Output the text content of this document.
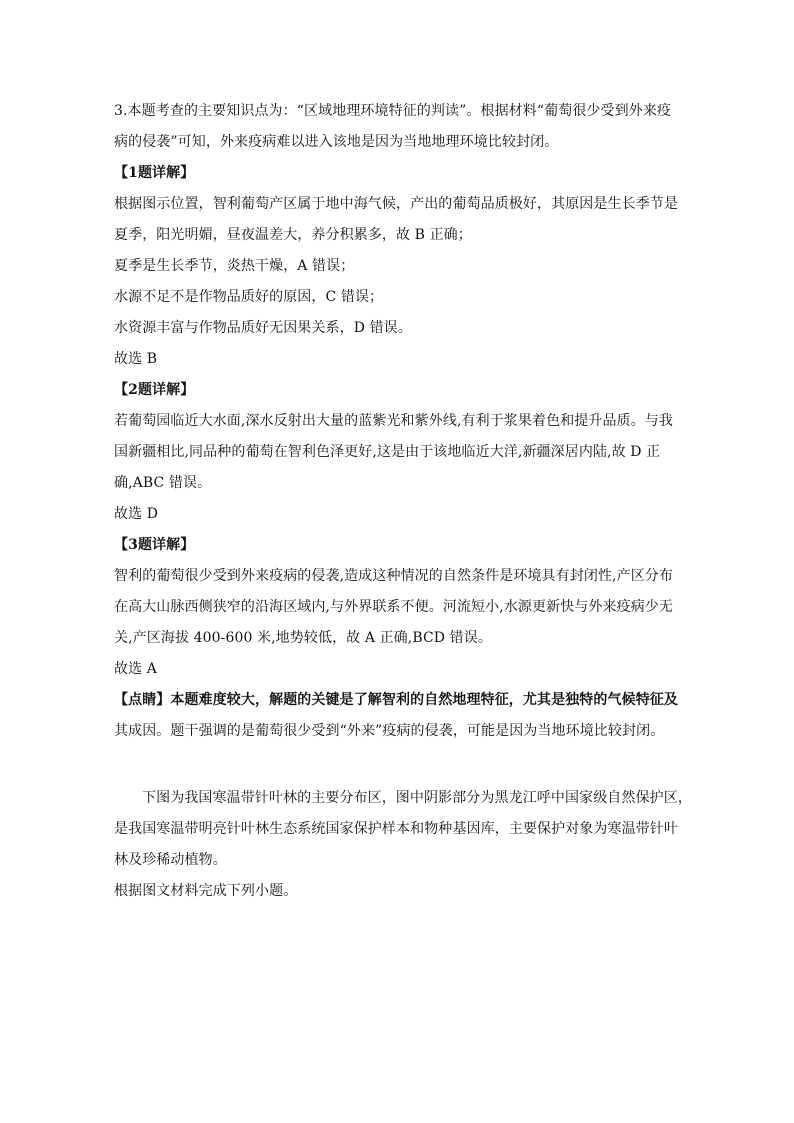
3.本题考查的主要知识点为：“区域地理环境特征的判读”。根据材料“葡萄很少受到外来疫
病的侵袭”可知，外来疫病难以进入该地是因为当地地理环境比较封闭。
【1题详解】
根据图示位置，智利葡萄产区属于地中海气候，产出的葡萄品质极好，其原因是生长季节是
夏季，阳光明媚，昼夜温差大，养分积累多，故 B 正确；
夏季是生长季节，炎热干燥，A 错误；
水源不足不是作物品质好的原因，C 错误；
水资源丰富与作物品质好无因果关系，D 错误。
故选 B
【2题详解】
若葡萄园临近大水面,深水反射出大量的蓝紫光和紫外线,有利于浆果着色和提升品质。与我
国新疆相比,同品种的葡萄在智利色泽更好,这是由于该地临近大洋,新疆深居内陆,故 D 正
确,ABC 错误。
故选 D
【3题详解】
智利的葡萄很少受到外来疫病的侵袭,造成这种情况的自然条件是环境具有封闭性,产区分布
在高大山脉西侧狭窄的沿海区域内,与外界联系不便。河流短小,水源更新快与外来疫病少无
关,产区海拔 400-600 米,地势较低，故 A 正确,BCD 错误。
故选 A
【点睛】本题难度较大，解题的关键是了解智利的自然地理特征，尤其是独特的气候特征及
其成因。题干强调的是葡萄很少受到“外来”疫病的侵袭，可能是因为当地环境比较封闭。
下图为我国寒温带针叶林的主要分布区，图中阴影部分为黑龙江呼中国家级自然保护区，
是我国寒温带明亮针叶林生态系统国家保护样本和物种基因库，主要保护对象为寒温带针叶
林及珍稀动植物。
根据图文材料完成下列小题。
